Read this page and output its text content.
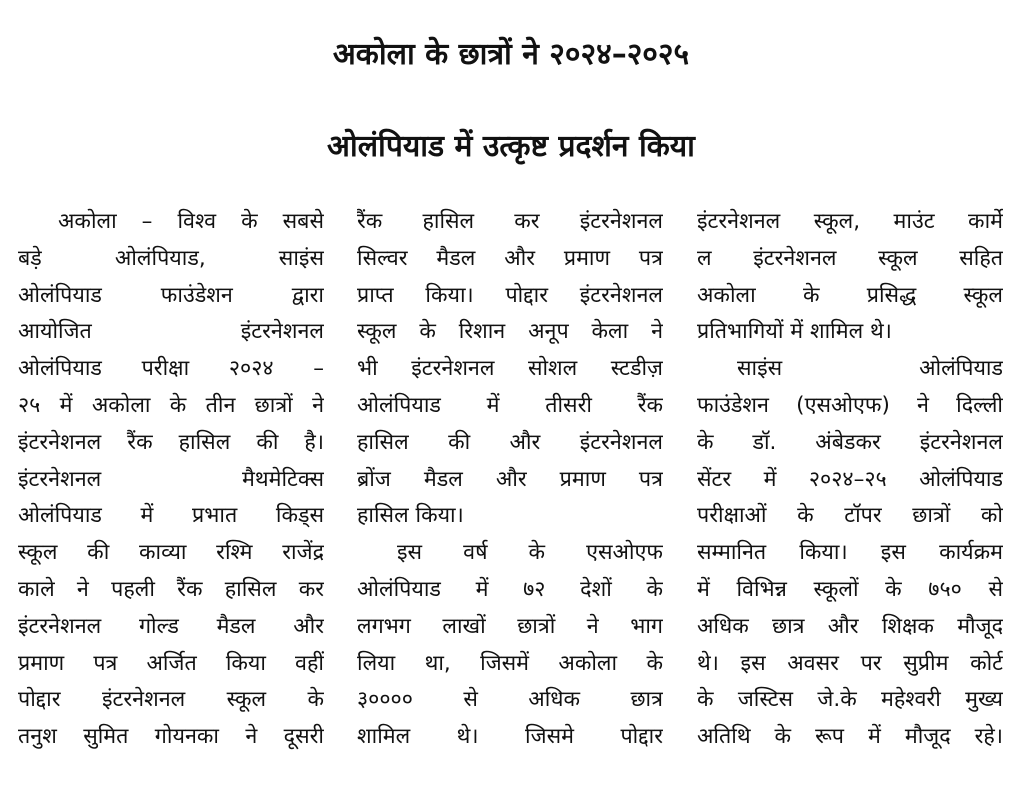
अकोला के छात्रों ने २०२४–२०२५
ओलंपियाड में उत्कृष्ट प्रदर्शन किया
अकोला – विश्व के सबसे
बड़े ओलंपियाड, साइंस
ओलंपियाड फाउंडेशन द्वारा
आयोजित इंटरनेशनल
ओलंपियाड परीक्षा २०२४ –
२५ में अकोला के तीन छात्रों ने
इंटरनेशनल रैंक हासिल की है।
इंटरनेशनल मैथमेटिक्स
ओलंपियाड में प्रभात किड्स
स्कूल की काव्या रश्मि राजेंद्र
काले ने पहली रैंक हासिल कर
इंटरनेशनल गोल्ड मैडल और
प्रमाण पत्र अर्जित किया वहीं
पोद्दार इंटरनेशनल स्कूल के
तनुश सुमित गोयनका ने दूसरी
रैंक हासिल कर इंटरनेशनल
सिल्वर मैडल और प्रमाण पत्र
प्राप्त किया। पोद्दार इंटरनेशनल
स्कूल के रिशान अनूप केला ने
भी इंटरनेशनल सोशल स्टडीज़
ओलंपियाड में तीसरी रैंक
हासिल की और इंटरनेशनल
ब्रोंज मैडल और प्रमाण पत्र
हासिल किया।
इस वर्ष के एसओएफ
ओलंपियाड में ७२ देशों के
लगभग लाखों छात्रों ने भाग
लिया था, जिसमें अकोला के
३०००० से अधिक छात्र
शामिल थे। जिसमे पोद्दार
इंटरनेशनल स्कूल, माउंट कार्मे
ल इंटरनेशनल स्कूल सहित
अकोला के प्रसिद्ध स्कूल
प्रतिभागियों में शामिल थे।
साइंस ओलंपियाड
फाउंडेशन (एसओएफ) ने दिल्ली
के डॉ. अंबेडकर इंटरनेशनल
सेंटर में २०२४–२५ ओलंपियाड
परीक्षाओं के टॉपर छात्रों को
सम्मानित किया। इस कार्यक्रम
में विभिन्न स्कूलों के ७५० से
अधिक छात्र और शिक्षक मौजूद
थे। इस अवसर पर सुप्रीम कोर्ट
के जस्टिस जे.के महेश्वरी मुख्य
अतिथि के रूप में मौजूद रहे।
